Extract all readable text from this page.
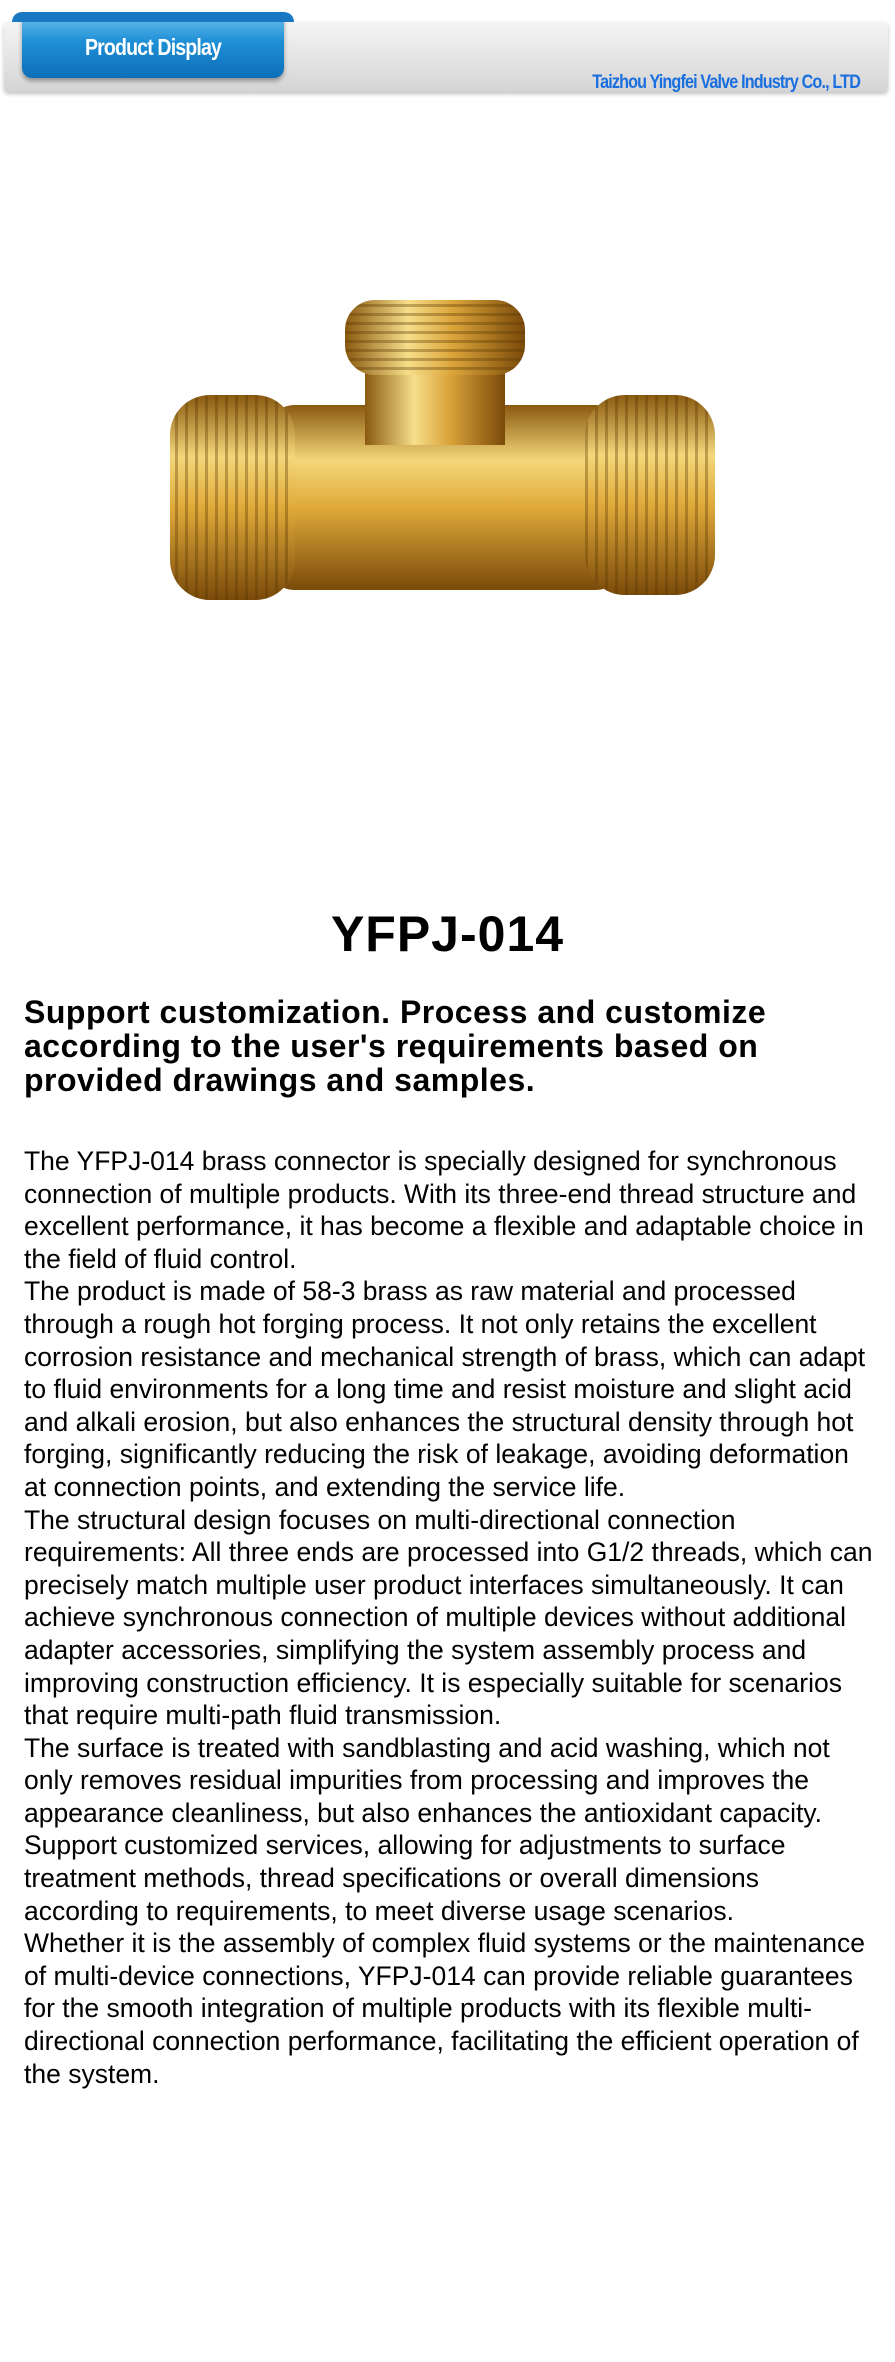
Taizhou Yingfei Valve Industry Co., LTD
Product Display
YFPJ-014
Support customization. Process and customize according to the user's requirements based on provided drawings and samples.

The YFPJ-014 brass connector is specially designed for synchronous connection of multiple products. With its three-end thread structure and excellent performance, it has become a flexible and adaptable choice in the field of fluid control.

The product is made of 58-3 brass as raw material and processed through a rough hot forging process. It not only retains the excellent corrosion resistance and mechanical strength of brass, which can adapt to fluid environments for a long time and resist moisture and slight acid and alkali erosion, but also enhances the structural density through hot forging, significantly reducing the risk of leakage, avoiding deformation at connection points, and extending the service life.

The structural design focuses on multi-directional connection requirements: All three ends are processed into G1/2 threads, which can precisely match multiple user product interfaces simultaneously. It can achieve synchronous connection of multiple devices without additional adapter accessories, simplifying the system assembly process and improving construction efficiency. It is especially suitable for scenarios that require multi-path fluid transmission.

The surface is treated with sandblasting and acid washing, which not only removes residual impurities from processing and improves the appearance cleanliness, but also enhances the antioxidant capacity. Support customized services, allowing for adjustments to surface treatment methods, thread specifications or overall dimensions according to requirements, to meet diverse usage scenarios.

Whether it is the assembly of complex fluid systems or the maintenance of multi-device connections, YFPJ-014 can provide reliable guarantees for the smooth integration of multiple products with its flexible multi-directional connection performance, facilitating the efficient operation of the system.
